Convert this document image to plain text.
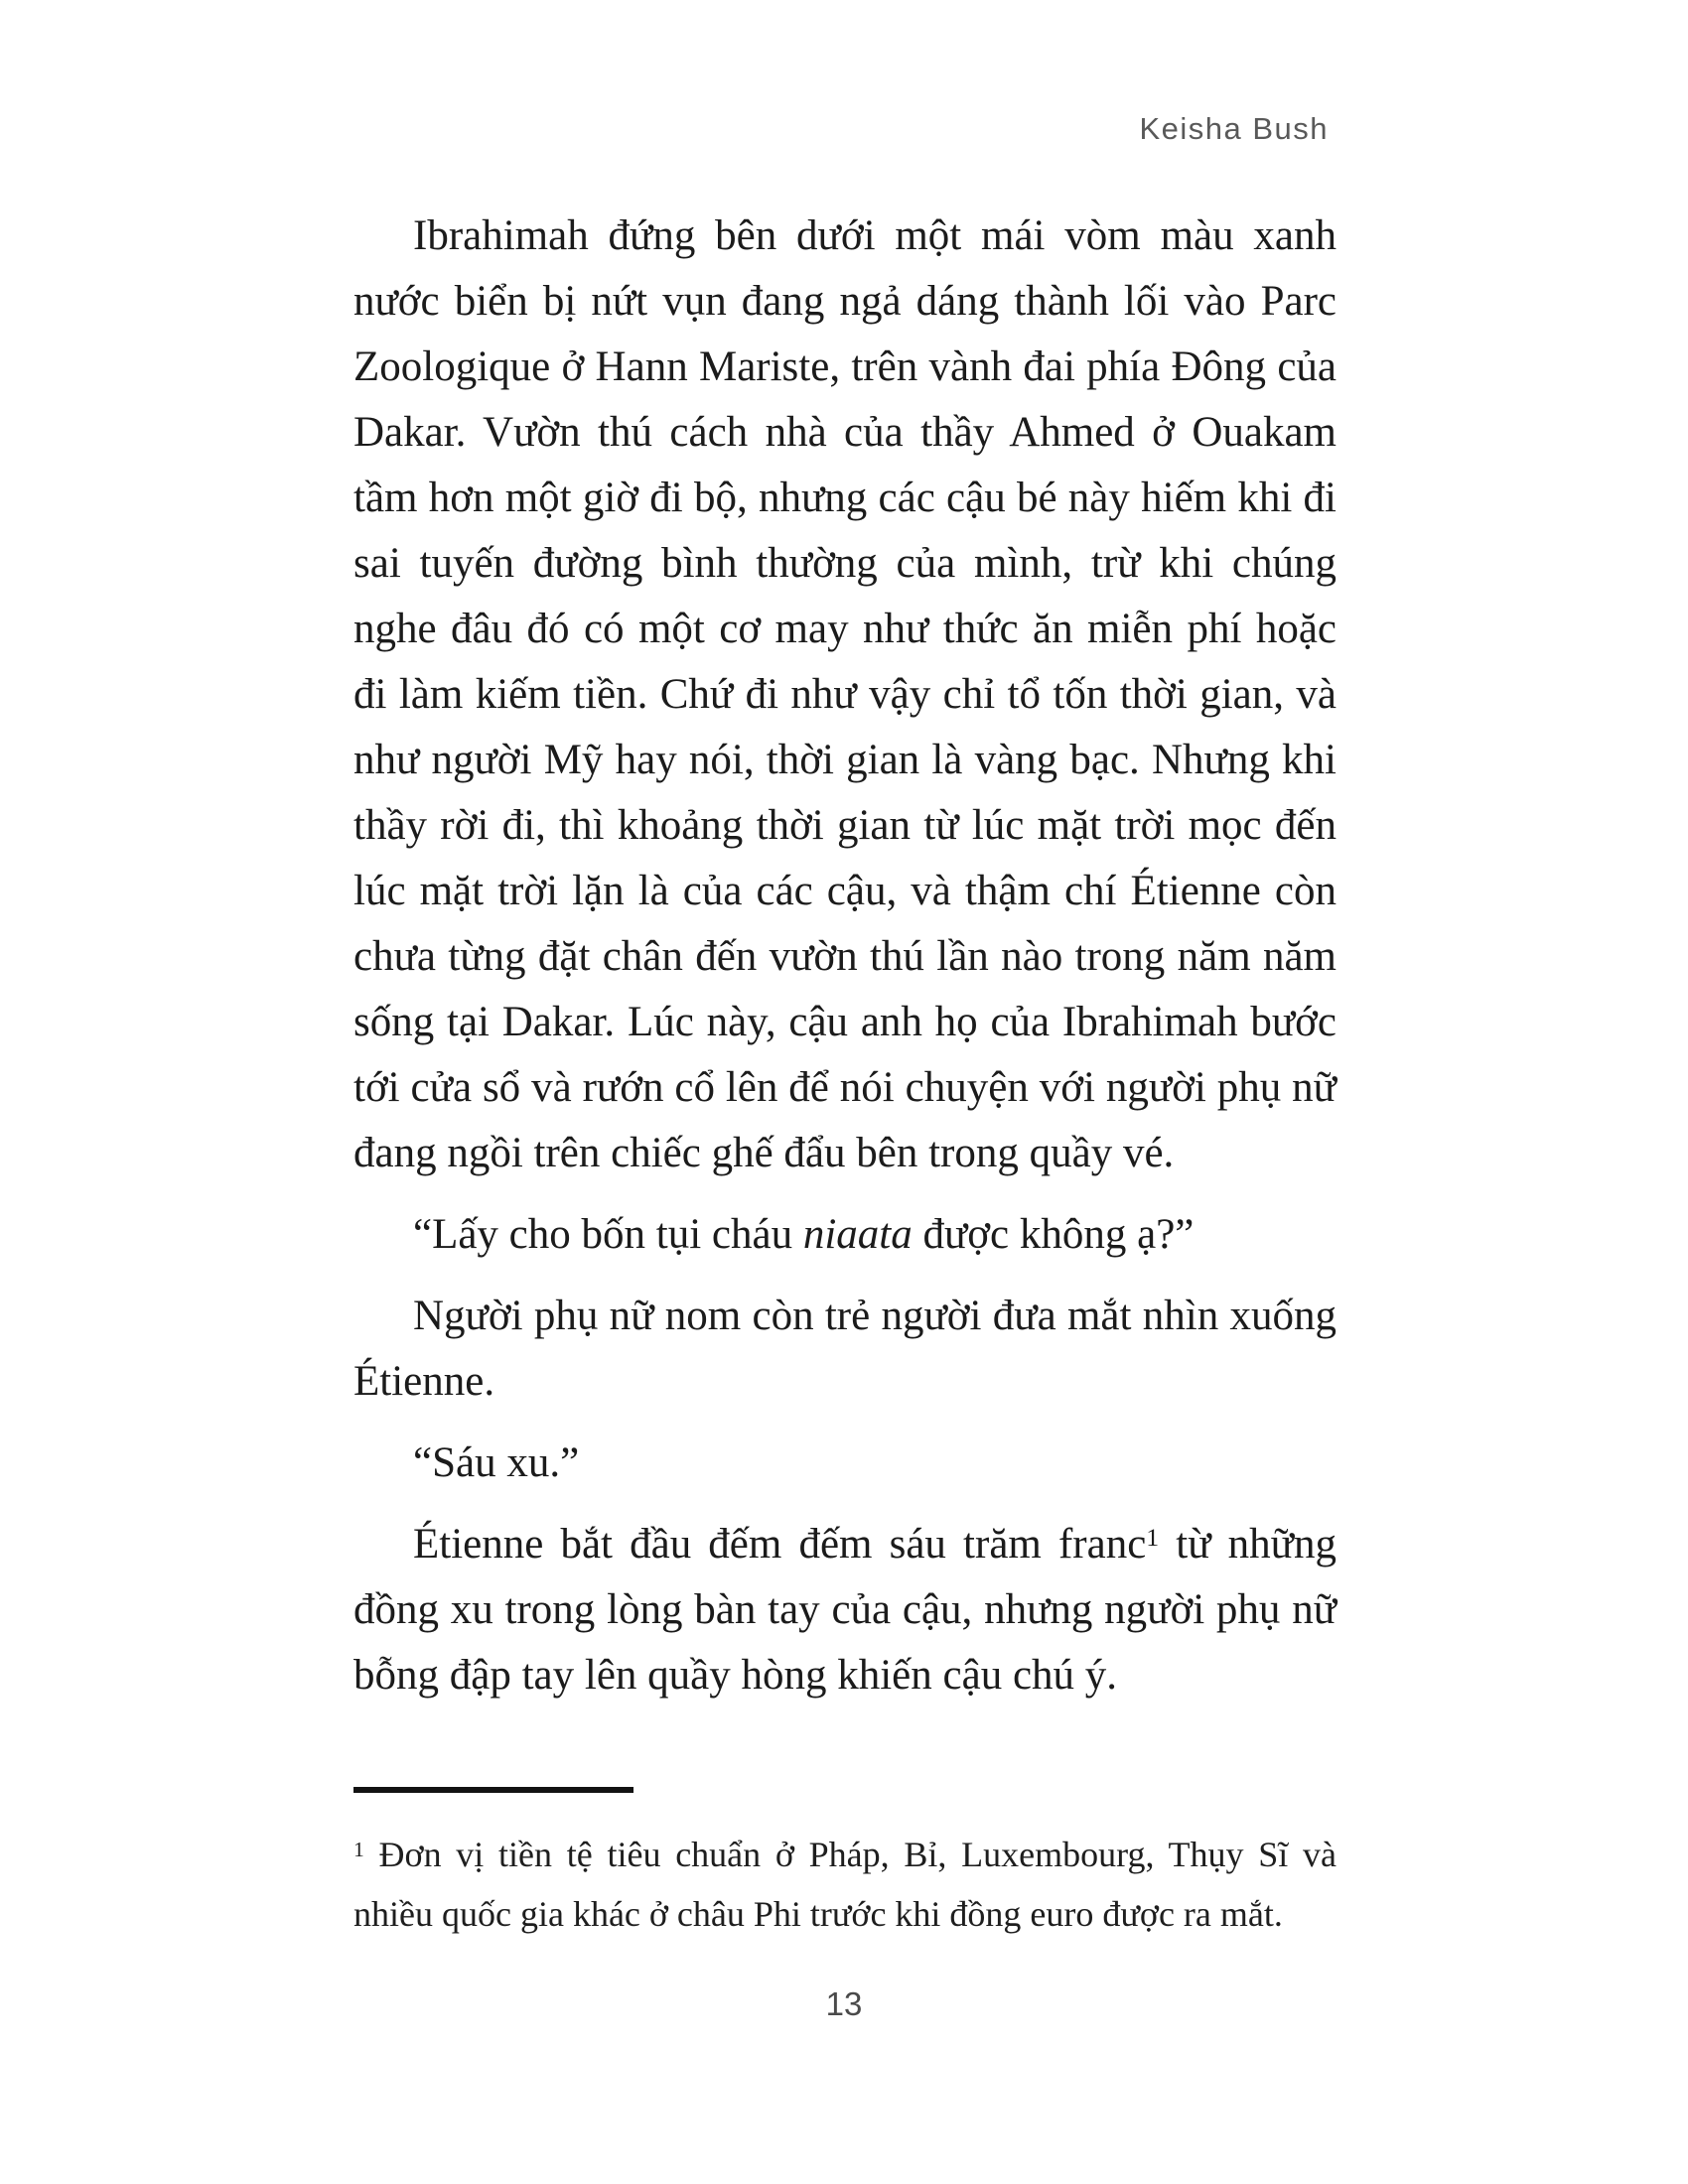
Keisha Bush

Ibrahimah đứng bên dưới một mái vòm màu xanh nước biển bị nứt vụn đang ngả dáng thành lối vào Parc Zoologique ở Hann Mariste, trên vành đai phía Đông của Dakar. Vườn thú cách nhà của thầy Ahmed ở Ouakam tầm hơn một giờ đi bộ, nhưng các cậu bé này hiếm khi đi sai tuyến đường bình thường của mình, trừ khi chúng nghe đâu đó có một cơ may như thức ăn miễn phí hoặc đi làm kiếm tiền. Chứ đi như vậy chỉ tổ tốn thời gian, và như người Mỹ hay nói, thời gian là vàng bạc. Nhưng khi thầy rời đi, thì khoảng thời gian từ lúc mặt trời mọc đến lúc mặt trời lặn là của các cậu, và thậm chí Étienne còn chưa từng đặt chân đến vườn thú lần nào trong năm năm sống tại Dakar. Lúc này, cậu anh họ của Ibrahimah bước tới cửa sổ và rướn cổ lên để nói chuyện với người phụ nữ đang ngồi trên chiếc ghế đẩu bên trong quầy vé.

“Lấy cho bốn tụi cháu niaata được không ạ?”

Người phụ nữ nom còn trẻ người đưa mắt nhìn xuống Étienne.

“Sáu xu.”

Étienne bắt đầu đếm đếm sáu trăm franc$^1$ từ những đồng xu trong lòng bàn tay của cậu, nhưng người phụ nữ bỗng đập tay lên quầy hòng khiến cậu chú ý.

$^1$ Đơn vị tiền tệ tiêu chuẩn ở Pháp, Bỉ, Luxembourg, Thụy Sĩ và nhiều quốc gia khác ở châu Phi trước khi đồng euro được ra mắt.

13
